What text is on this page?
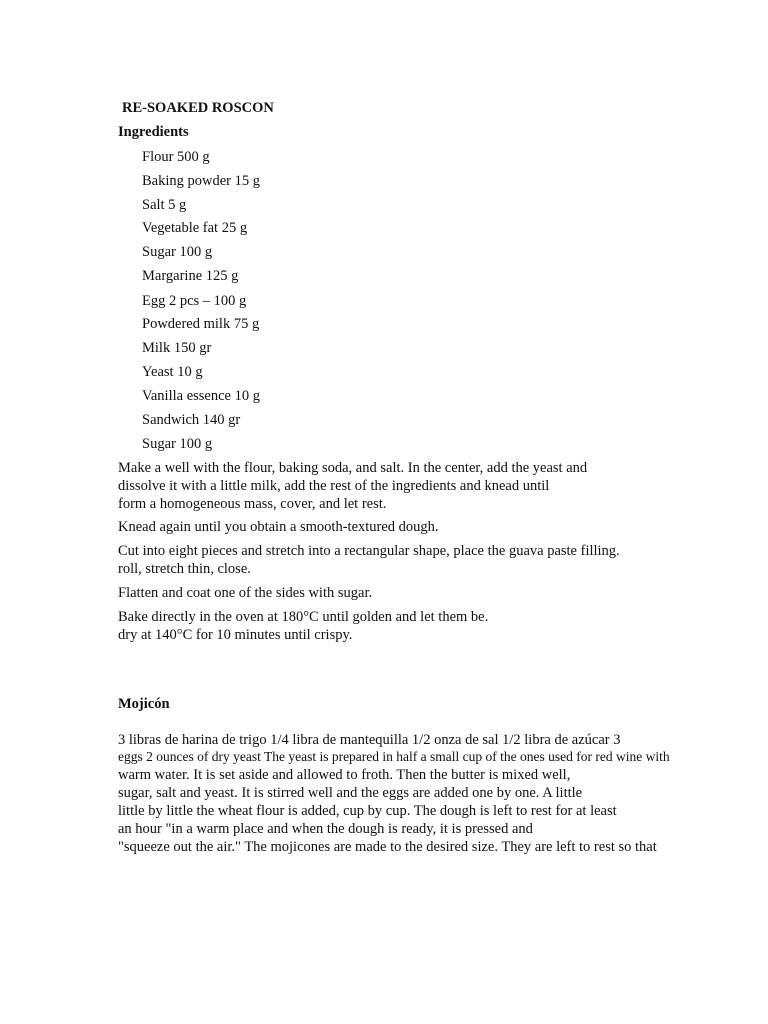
RE-SOAKED ROSCON
Ingredients
Flour 500 g
Baking powder 15 g
Salt 5 g
Vegetable fat 25 g
Sugar 100 g
Margarine 125 g
Egg 2 pcs – 100 g
Powdered milk 75 g
Milk 150 gr
Yeast 10 g
Vanilla essence 10 g
Sandwich 140 gr
Sugar 100 g
Make a well with the flour, baking soda, and salt. In the center, add the yeast and
dissolve it with a little milk, add the rest of the ingredients and knead until
form a homogeneous mass, cover, and let rest.
Knead again until you obtain a smooth-textured dough.
Cut into eight pieces and stretch into a rectangular shape, place the guava paste filling.
roll, stretch thin, close.
Flatten and coat one of the sides with sugar.
Bake directly in the oven at 180°C until golden and let them be.
dry at 140°C for 10 minutes until crispy.
Mojicón
3 libras de harina de trigo 1/4 libra de mantequilla 1/2 onza de sal 1/2 libra de azúcar 3
eggs 2 ounces of dry yeast The yeast is prepared in half a small cup of the ones used for red wine with
warm water. It is set aside and allowed to froth. Then the butter is mixed well,
sugar, salt and yeast. It is stirred well and the eggs are added one by one. A little
little by little the wheat flour is added, cup by cup. The dough is left to rest for at least
an hour "in a warm place and when the dough is ready, it is pressed and
"squeeze out the air." The mojicones are made to the desired size. They are left to rest so that
